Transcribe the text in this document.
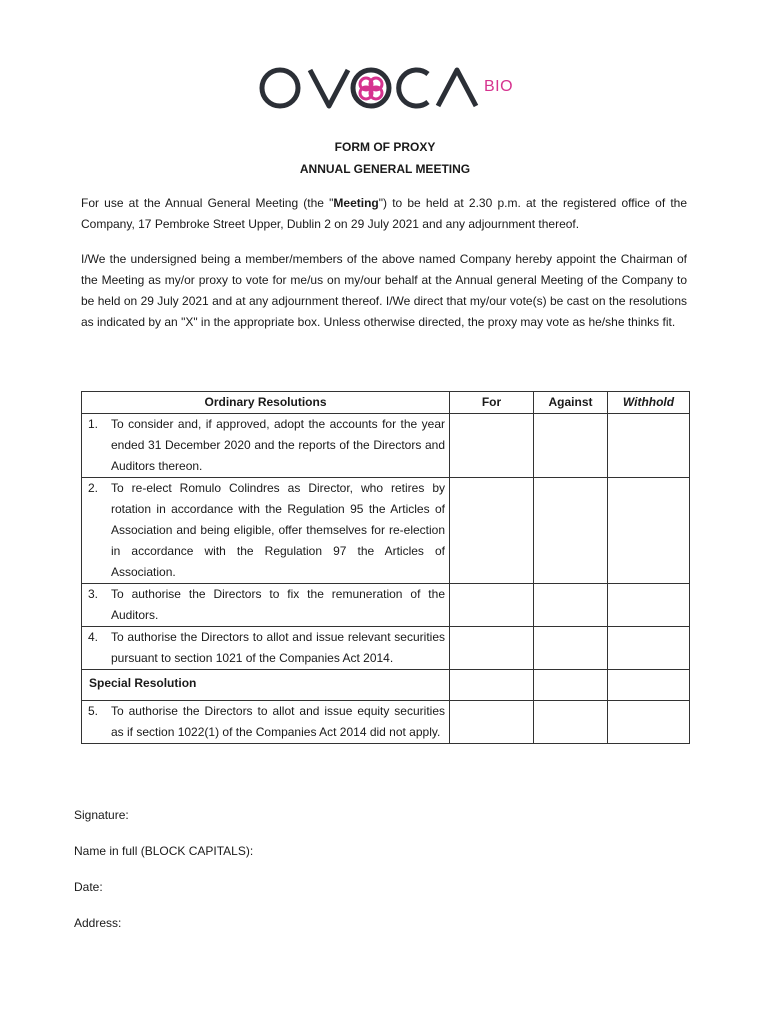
BIO
FORM OF PROXY
ANNUAL GENERAL MEETING
For use at the Annual General Meeting (the "Meeting") to be held at 2.30 p.m. at the registered office of the Company, 17 Pembroke Street Upper, Dublin 2 on 29 July 2021 and any adjournment thereof.
I/We the undersigned being a member/members of the above named Company hereby appoint the Chairman of the Meeting as my/or proxy to vote for me/us on my/our behalf at the Annual general Meeting of the Company to be held on 29 July 2021 and at any adjournment thereof. I/We direct that my/our vote(s) be cast on the resolutions as indicated by an "X" in the appropriate box. Unless otherwise directed, the proxy may vote as he/she thinks fit.
Ordinary Resolutions	For	Against	Withhold

1. To consider and, if approved, adopt the accounts for the year ended 31 December 2020 and the reports of the Directors and Auditors thereon.			

2. To re-elect Romulo Colindres as Director, who retires by rotation in accordance with the Regulation 95 the Articles of Association and being eligible, offer themselves for re-election in accordance with the Regulation 97 the Articles of Association.			

3. To authorise the Directors to fix the remuneration of the Auditors.			

4. To authorise the Directors to allot and issue relevant securities pursuant to section 1021 of the Companies Act 2014.			

Special Resolution			

5. To authorise the Directors to allot and issue equity securities as if section 1022(1) of the Companies Act 2014 did not apply.			

Signature:
Name in full (BLOCK CAPITALS):
Date:
Address:
